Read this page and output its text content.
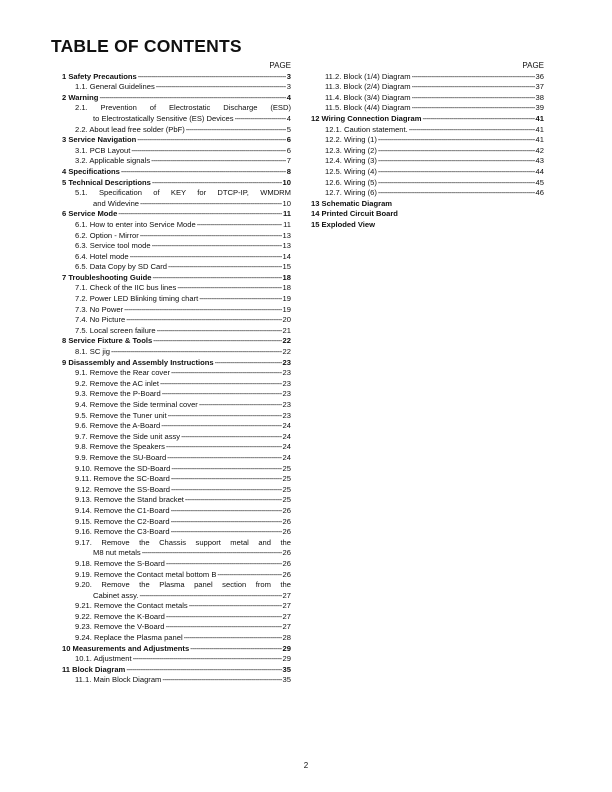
TABLE OF CONTENTS
PAGE
1 Safety Precautions -----	3
1.1. General Guidelines -----	3
2 Warning -----	4
2.1. Prevention of Electrostatic Discharge (ESD)
to Electrostatically Sensitive (ES) Devices -----	4
2.2. About lead free solder (PbF) -----	5
3 Service Navigation -----	6
3.1. PCB Layout -----	6
3.2. Applicable signals -----	7
4 Specifications -----	8
5 Technical Descriptions -----	10
5.1. Specification of KEY for DTCP-IP, WMDRM
and Widevine -----	10
6 Service Mode -----	11
6.1. How to enter into Service Mode -----	11
6.2. Option - Mirror -----	13
6.3. Service tool mode -----	13
6.4. Hotel mode -----	14
6.5. Data Copy by SD Card -----	15
7 Troubleshooting Guide -----	18
7.1. Check of the IIC bus lines -----	18
7.2. Power LED Blinking timing chart -----	19
7.3. No Power -----	19
7.4. No Picture -----	20
7.5. Local screen failure -----	21
8 Service Fixture & Tools -----	22
8.1. SC jig -----	22
9 Disassembly and Assembly Instructions -----	23
9.1. Remove the Rear cover -----	23
9.2. Remove the AC inlet -----	23
9.3. Remove the P-Board -----	23
9.4. Remove the Side terminal cover -----	23
9.5. Remove the Tuner unit -----	23
9.6. Remove the A-Board -----	24
9.7. Remove the Side unit assy -----	24
9.8. Remove the Speakers -----	24
9.9. Remove the SU-Board -----	24
9.10. Remove the SD-Board -----	25
9.11. Remove the SC-Board -----	25
9.12. Remove the SS-Board -----	25
9.13. Remove the Stand bracket -----	25
9.14. Remove the C1-Board -----	26
9.15. Remove the C2-Board -----	26
9.16. Remove the C3-Board -----	26
9.17. Remove the Chassis support metal and the
M8 nut metals -----	26
9.18. Remove the S-Board -----	26
9.19. Remove the Contact metal bottom B -----	26
9.20. Remove the Plasma panel section from the
Cabinet assy. -----	27
9.21. Remove the Contact metals -----	27
9.22. Remove the K-Board -----	27
9.23. Remove the V-Board -----	27
9.24. Replace the Plasma panel -----	28
10 Measurements and Adjustments -----	29
10.1. Adjustment -----	29
11 Block Diagram -----	35
11.1. Main Block Diagram -----	35
PAGE
11.2. Block (1/4) Diagram -----	36
11.3. Block (2/4) Diagram -----	37
11.4. Block (3/4) Diagram -----	38
11.5. Block (4/4) Diagram -----	39
12 Wiring Connection Diagram -----	41
12.1. Caution statement. -----	41
12.2. Wiring (1) -----	41
12.3. Wiring (2) -----	42
12.4. Wiring (3) -----	43
12.5. Wiring (4) -----	44
12.6. Wiring (5) -----	45
12.7. Wiring (6) -----	46
13 Schematic Diagram
14 Printed Circuit Board
15 Exploded View
2
